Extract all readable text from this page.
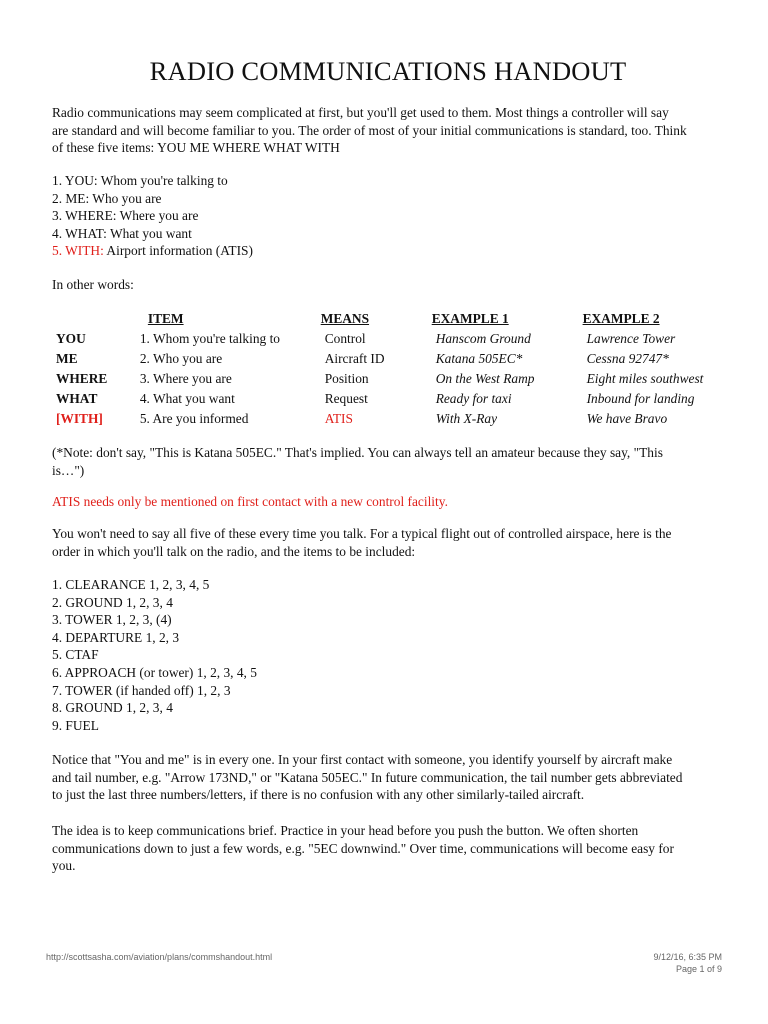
RADIO COMMUNICATIONS HANDOUT
Radio communications may seem complicated at first, but you'll get used to them. Most things a controller will say
are standard and will become familiar to you. The order of most of your initial communications is standard, too. Think
of these five items: YOU ME WHERE WHAT WITH
1. YOU: Whom you're talking to
2. ME: Who you are
3. WHERE: Where you are
4. WHAT: What you want
5. WITH: Airport information (ATIS)
In other words:
	ITEM	MEANS	EXAMPLE 1	EXAMPLE 2
YOU	1. Whom you're talking to	Control	Hanscom Ground	Lawrence Tower
ME	2. Who you are	Aircraft ID	Katana 505EC*	Cessna 92747*
WHERE	3. Where you are	Position	On the West Ramp	Eight miles southwest
WHAT	4. What you want	Request	Ready for taxi	Inbound for landing
[WITH]	5. Are you informed	ATIS	With X-Ray	We have Bravo
(*Note: don't say, "This is Katana 505EC." That's implied. You can always tell an amateur because they say, "This
is…")
ATIS needs only be mentioned on first contact with a new control facility.
You won't need to say all five of these every time you talk. For a typical flight out of controlled airspace, here is the
order in which you'll talk on the radio, and the items to be included:
1. CLEARANCE 1, 2, 3, 4, 5
2. GROUND 1, 2, 3, 4
3. TOWER 1, 2, 3, (4)
4. DEPARTURE 1, 2, 3
5. CTAF
6. APPROACH (or tower) 1, 2, 3, 4, 5
7. TOWER (if handed off) 1, 2, 3
8. GROUND 1, 2, 3, 4
9. FUEL
Notice that "You and me" is in every one. In your first contact with someone, you identify yourself by aircraft make
and tail number, e.g. "Arrow 173ND," or "Katana 505EC." In future communication, the tail number gets abbreviated
to just the last three numbers/letters, if there is no confusion with any other similarly-tailed aircraft.
The idea is to keep communications brief. Practice in your head before you push the button. We often shorten
communications down to just a few words, e.g. "5EC downwind." Over time, communications will become easy for
you.
http://scottsasha.com/aviation/plans/commshandout.html	9/12/16, 6:35 PM
Page 1 of 9
